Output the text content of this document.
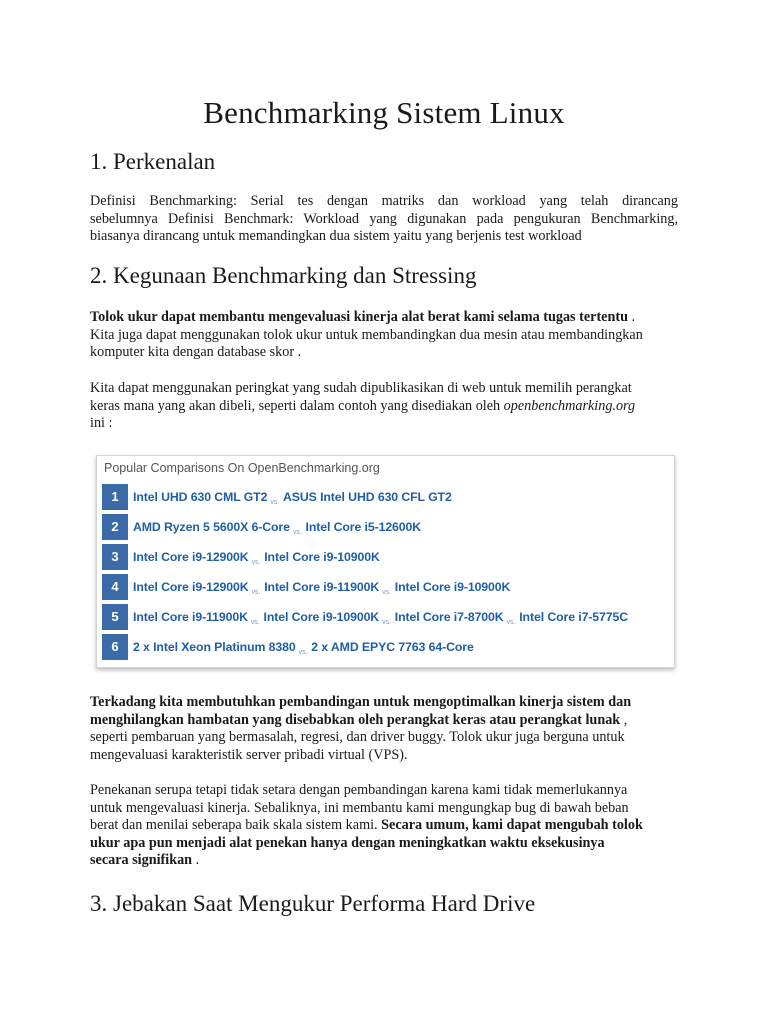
Benchmarking Sistem Linux
1. Perkenalan
Definisi Benchmarking: Serial tes dengan matriks dan workload yang telah dirancang
sebelumnya Definisi Benchmark: Workload yang digunakan pada pengukuran Benchmarking,
biasanya dirancang untuk memandingkan dua sistem yaitu yang berjenis test workload
2. Kegunaan Benchmarking dan Stressing
Tolok ukur dapat membantu mengevaluasi kinerja alat berat kami selama tugas tertentu .
Kita juga dapat menggunakan tolok ukur untuk membandingkan dua mesin atau membandingkan
komputer kita dengan database skor .
Kita dapat menggunakan peringkat yang sudah dipublikasikan di web untuk memilih perangkat
keras mana yang akan dibeli, seperti dalam contoh yang disediakan oleh openbenchmarking.org
ini :
Terkadang kita membutuhkan pembandingan untuk mengoptimalkan kinerja sistem dan
menghilangkan hambatan yang disebabkan oleh perangkat keras atau perangkat lunak ,
seperti pembaruan yang bermasalah, regresi, dan driver buggy. Tolok ukur juga berguna untuk
mengevaluasi karakteristik server pribadi virtual (VPS).
Penekanan serupa tetapi tidak setara dengan pembandingan karena kami tidak memerlukannya
untuk mengevaluasi kinerja. Sebaliknya, ini membantu kami mengungkap bug di bawah beban
berat dan menilai seberapa baik skala sistem kami. Secara umum, kami dapat mengubah tolok
ukur apa pun menjadi alat penekan hanya dengan meningkatkan waktu eksekusinya
secara signifikan .
3. Jebakan Saat Mengukur Performa Hard Drive
Popular Comparisons On OpenBenchmarking.org
1	Intel UHD 630 CML GT2 $_{vs.}$ ASUS Intel UHD 630 CFL GT2
2	AMD Ryzen 5 5600X 6-Core $_{vs.}$ Intel Core i5-12600K
3	Intel Core i9-12900K $_{vs.}$ Intel Core i9-10900K
4	Intel Core i9-12900K $_{vs.}$ Intel Core i9-11900K $_{vs.}$ Intel Core i9-10900K
5	Intel Core i9-11900K $_{vs.}$ Intel Core i9-10900K $_{vs.}$ Intel Core i7-8700K $_{vs.}$ Intel Core i7-5775C
6	2 x Intel Xeon Platinum 8380 $_{vs.}$ 2 x AMD EPYC 7763 64-Core
